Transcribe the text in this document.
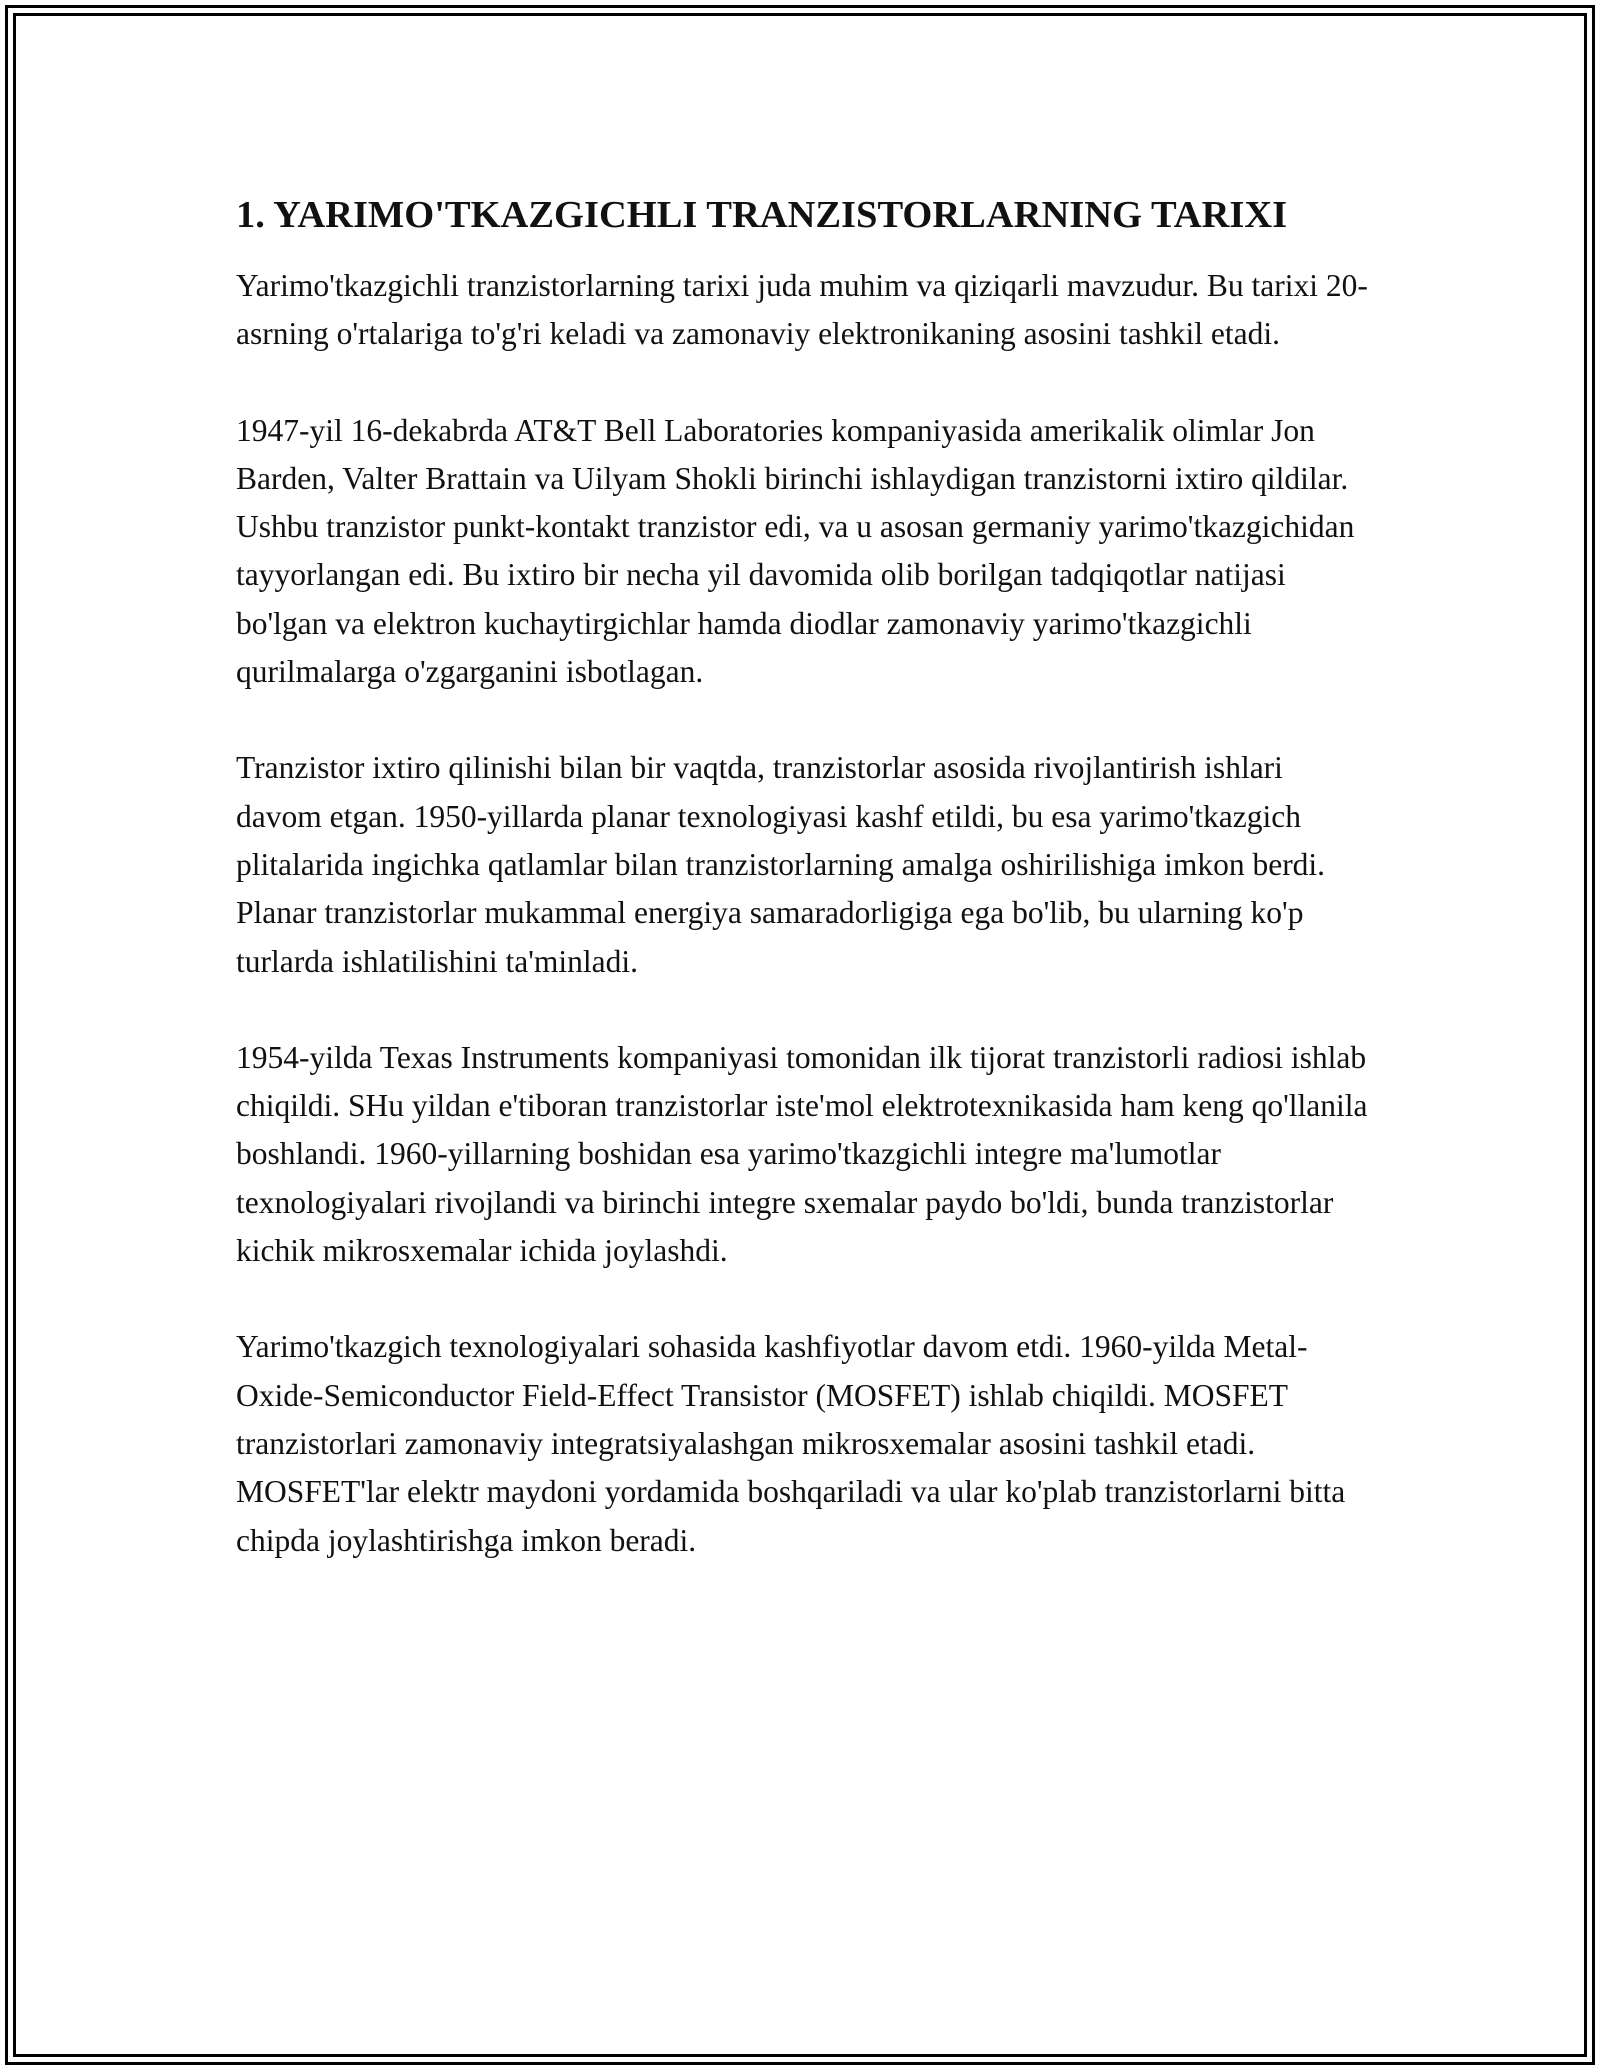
1. YARIMO'TKAZGICHLI TRANZISTORLARNING TARIXI

Yarimo'tkazgichli tranzistorlarning tarixi juda muhim va qiziqarli mavzudur. Bu tarixi 20-asrning o'rtalariga to'g'ri keladi va zamonaviy elektronikaning asosini tashkil etadi.

1947-yil 16-dekabrda AT&T Bell Laboratories kompaniyasida amerikalik olimlar Jon Barden, Valter Brattain va Uilyam Shokli birinchi ishlaydigan tranzistorni ixtiro qildilar. Ushbu tranzistor punkt-kontakt tranzistor edi, va u asosan germaniy yarimo'tkazgichidan tayyorlangan edi. Bu ixtiro bir necha yil davomida olib borilgan tadqiqotlar natijasi bo'lgan va elektron kuchaytirgichlar hamda diodlar zamonaviy yarimo'tkazgichli qurilmalarga o'zgarganini isbotlagan.

Tranzistor ixtiro qilinishi bilan bir vaqtda, tranzistorlar asosida rivojlantirish ishlari davom etgan. 1950-yillarda planar texnologiyasi kashf etildi, bu esa yarimo'tkazgich plitalarida ingichka qatlamlar bilan tranzistorlarning amalga oshirilishiga imkon berdi. Planar tranzistorlar mukammal energiya samaradorligiga ega bo'lib, bu ularning ko'p turlarda ishlatilishini ta'minladi.

1954-yilda Texas Instruments kompaniyasi tomonidan ilk tijorat tranzistorli radiosi ishlab chiqildi. SHu yildan e'tiboran tranzistorlar iste'mol elektrotexnikasida ham keng qo'llanila boshlandi. 1960-yillarning boshidan esa yarimo'tkazgichli integre ma'lumotlar texnologiyalari rivojlandi va birinchi integre sxemalar paydo bo'ldi, bunda tranzistorlar kichik mikrosxemalar ichida joylashdi.

Yarimo'tkazgich texnologiyalari sohasida kashfiyotlar davom etdi. 1960-yilda Metal-Oxide-Semiconductor Field-Effect Transistor (MOSFET) ishlab chiqildi. MOSFET tranzistorlari zamonaviy integratsiyalashgan mikrosxemalar asosini tashkil etadi. MOSFET'lar elektr maydoni yordamida boshqariladi va ular ko'plab tranzistorlarni bitta chipda joylashtirishga imkon beradi.
